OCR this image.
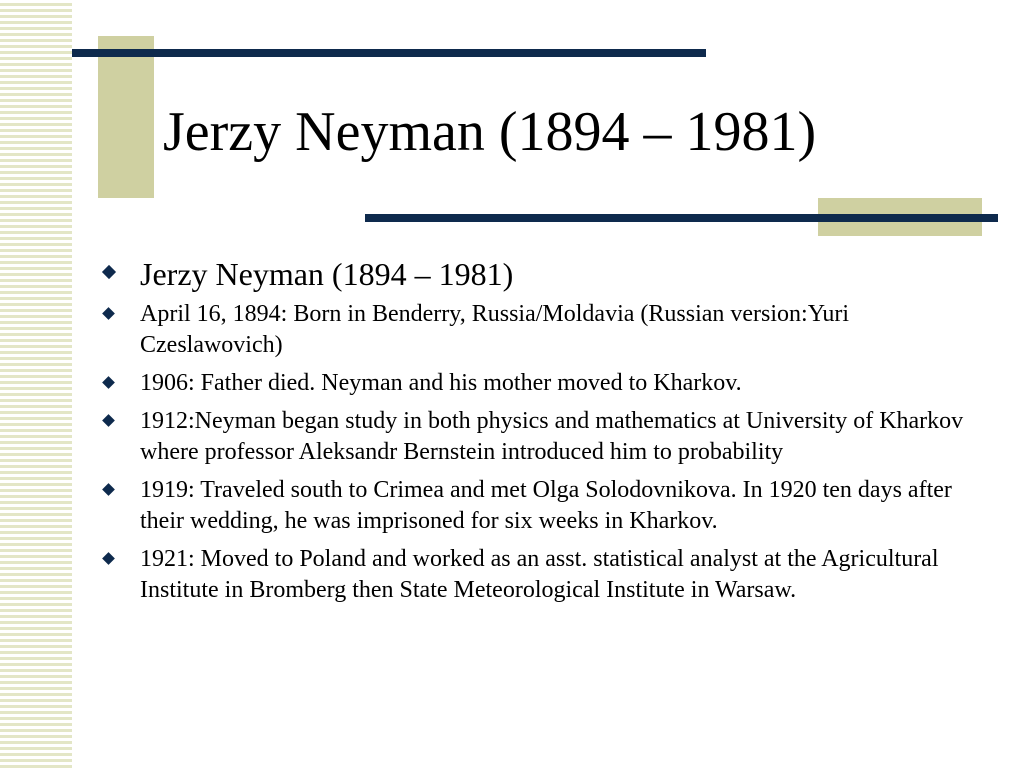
Jerzy Neyman (1894 – 1981)
Jerzy Neyman (1894 – 1981)
April 16, 1894: Born in Benderry, Russia/Moldavia (Russian version:Yuri Czeslawovich)
1906: Father died. Neyman and his mother moved to Kharkov.
1912:Neyman began study in both physics and mathematics at University of Kharkov where professor Aleksandr Bernstein introduced him to probability
1919: Traveled south to Crimea and met Olga Solodovnikova. In 1920 ten days after their wedding, he was imprisoned for six weeks in Kharkov.
1921: Moved to Poland and worked as an asst. statistical analyst at the Agricultural Institute in Bromberg then State Meteorological Institute in Warsaw.
